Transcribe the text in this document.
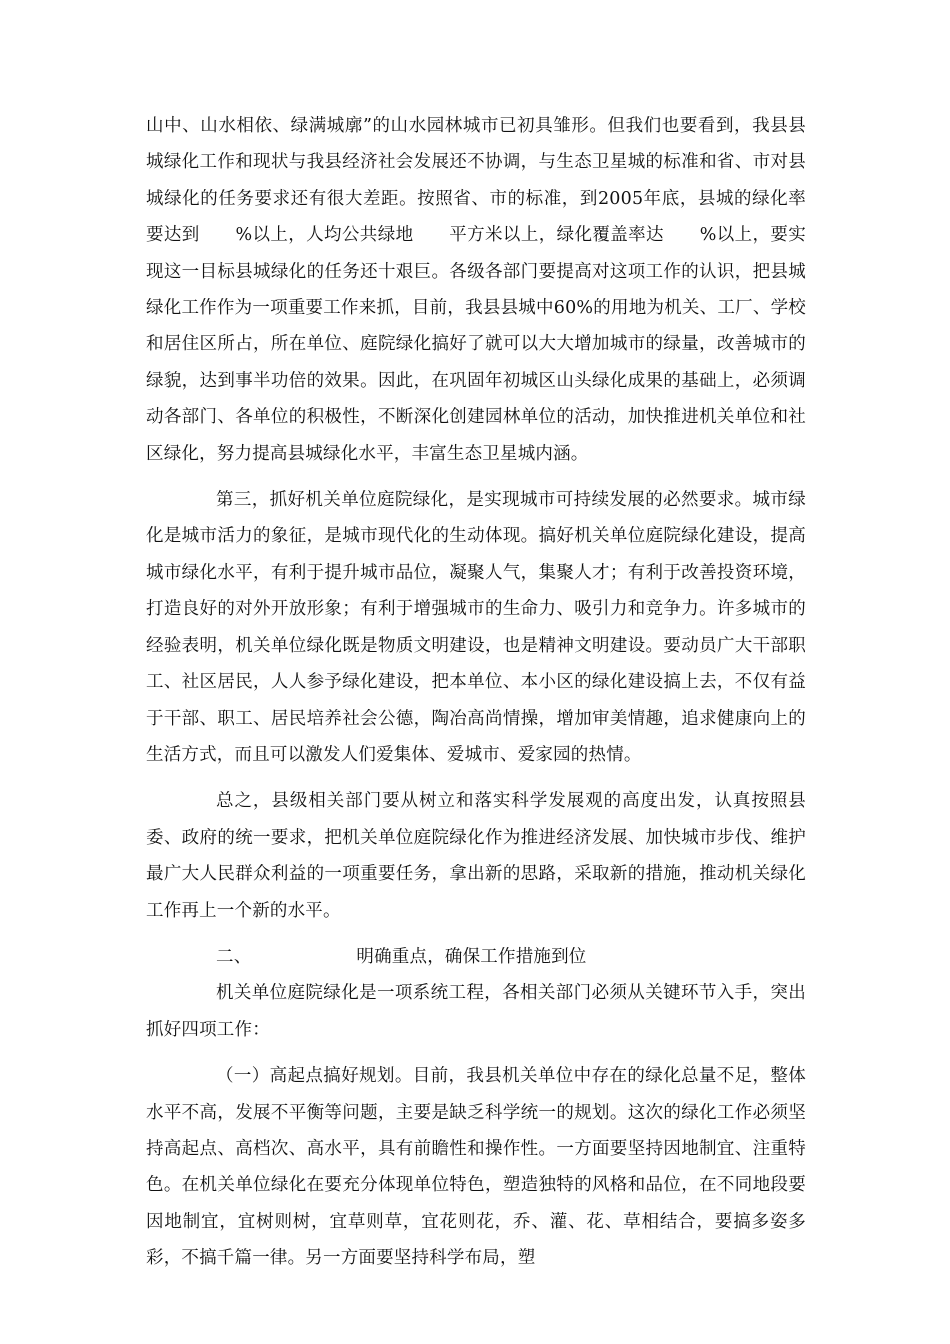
山中、山水相依、绿满城廓”的山水园林城市已初具雏形。但我们也要看到，我县县城绿化工作和现状与我县经济社会发展还不协调，与生态卫星城的标准和省、市对县城绿化的任务要求还有很大差距。按照省、市的标准，到2005年底，县城的绿化率要达到　　%以上，人均公共绿地　　平方米以上，绿化覆盖率达　　%以上，要实现这一目标县城绿化的任务还十艰巨。各级各部门要提高对这项工作的认识，把县城绿化工作作为一项重要工作来抓，目前，我县县城中60%的用地为机关、工厂、学校和居住区所占，所在单位、庭院绿化搞好了就可以大大增加城市的绿量，改善城市的绿貌，达到事半功倍的效果。因此，在巩固年初城区山头绿化成果的基础上，必须调动各部门、各单位的积极性，不断深化创建园林单位的活动，加快推进机关单位和社区绿化，努力提高县城绿化水平，丰富生态卫星城内涵。

第三，抓好机关单位庭院绿化，是实现城市可持续发展的必然要求。城市绿化是城市活力的象征，是城市现代化的生动体现。搞好机关单位庭院绿化建设，提高城市绿化水平，有利于提升城市品位，凝聚人气，集聚人才；有利于改善投资环境，打造良好的对外开放形象；有利于增强城市的生命力、吸引力和竞争力。许多城市的经验表明，机关单位绿化既是物质文明建设，也是精神文明建设。要动员广大干部职工、社区居民，人人参予绿化建设，把本单位、本小区的绿化建设搞上去，不仅有益于干部、职工、居民培养社会公德，陶冶高尚情操，增加审美情趣，追求健康向上的生活方式，而且可以激发人们爱集体、爱城市、爱家园的热情。

总之，县级相关部门要从树立和落实科学发展观的高度出发，认真按照县委、政府的统一要求，把机关单位庭院绿化作为推进经济发展、加快城市步伐、维护最广大人民群众利益的一项重要任务，拿出新的思路，采取新的措施，推动机关绿化工作再上一个新的水平。

二、	明确重点，确保工作措施到位

机关单位庭院绿化是一项系统工程，各相关部门必须从关键环节入手，突出抓好四项工作：

（一）高起点搞好规划。目前，我县机关单位中存在的绿化总量不足，整体水平不高，发展不平衡等问题，主要是缺乏科学统一的规划。这次的绿化工作必须坚持高起点、高档次、高水平，具有前瞻性和操作性。一方面要坚持因地制宜、注重特色。在机关单位绿化在要充分体现单位特色，塑造独特的风格和品位，在不同地段要因地制宜，宜树则树，宜草则草，宜花则花，乔、灌、花、草相结合，要搞多姿多彩，不搞千篇一律。另一方面要坚持科学布局，塑
